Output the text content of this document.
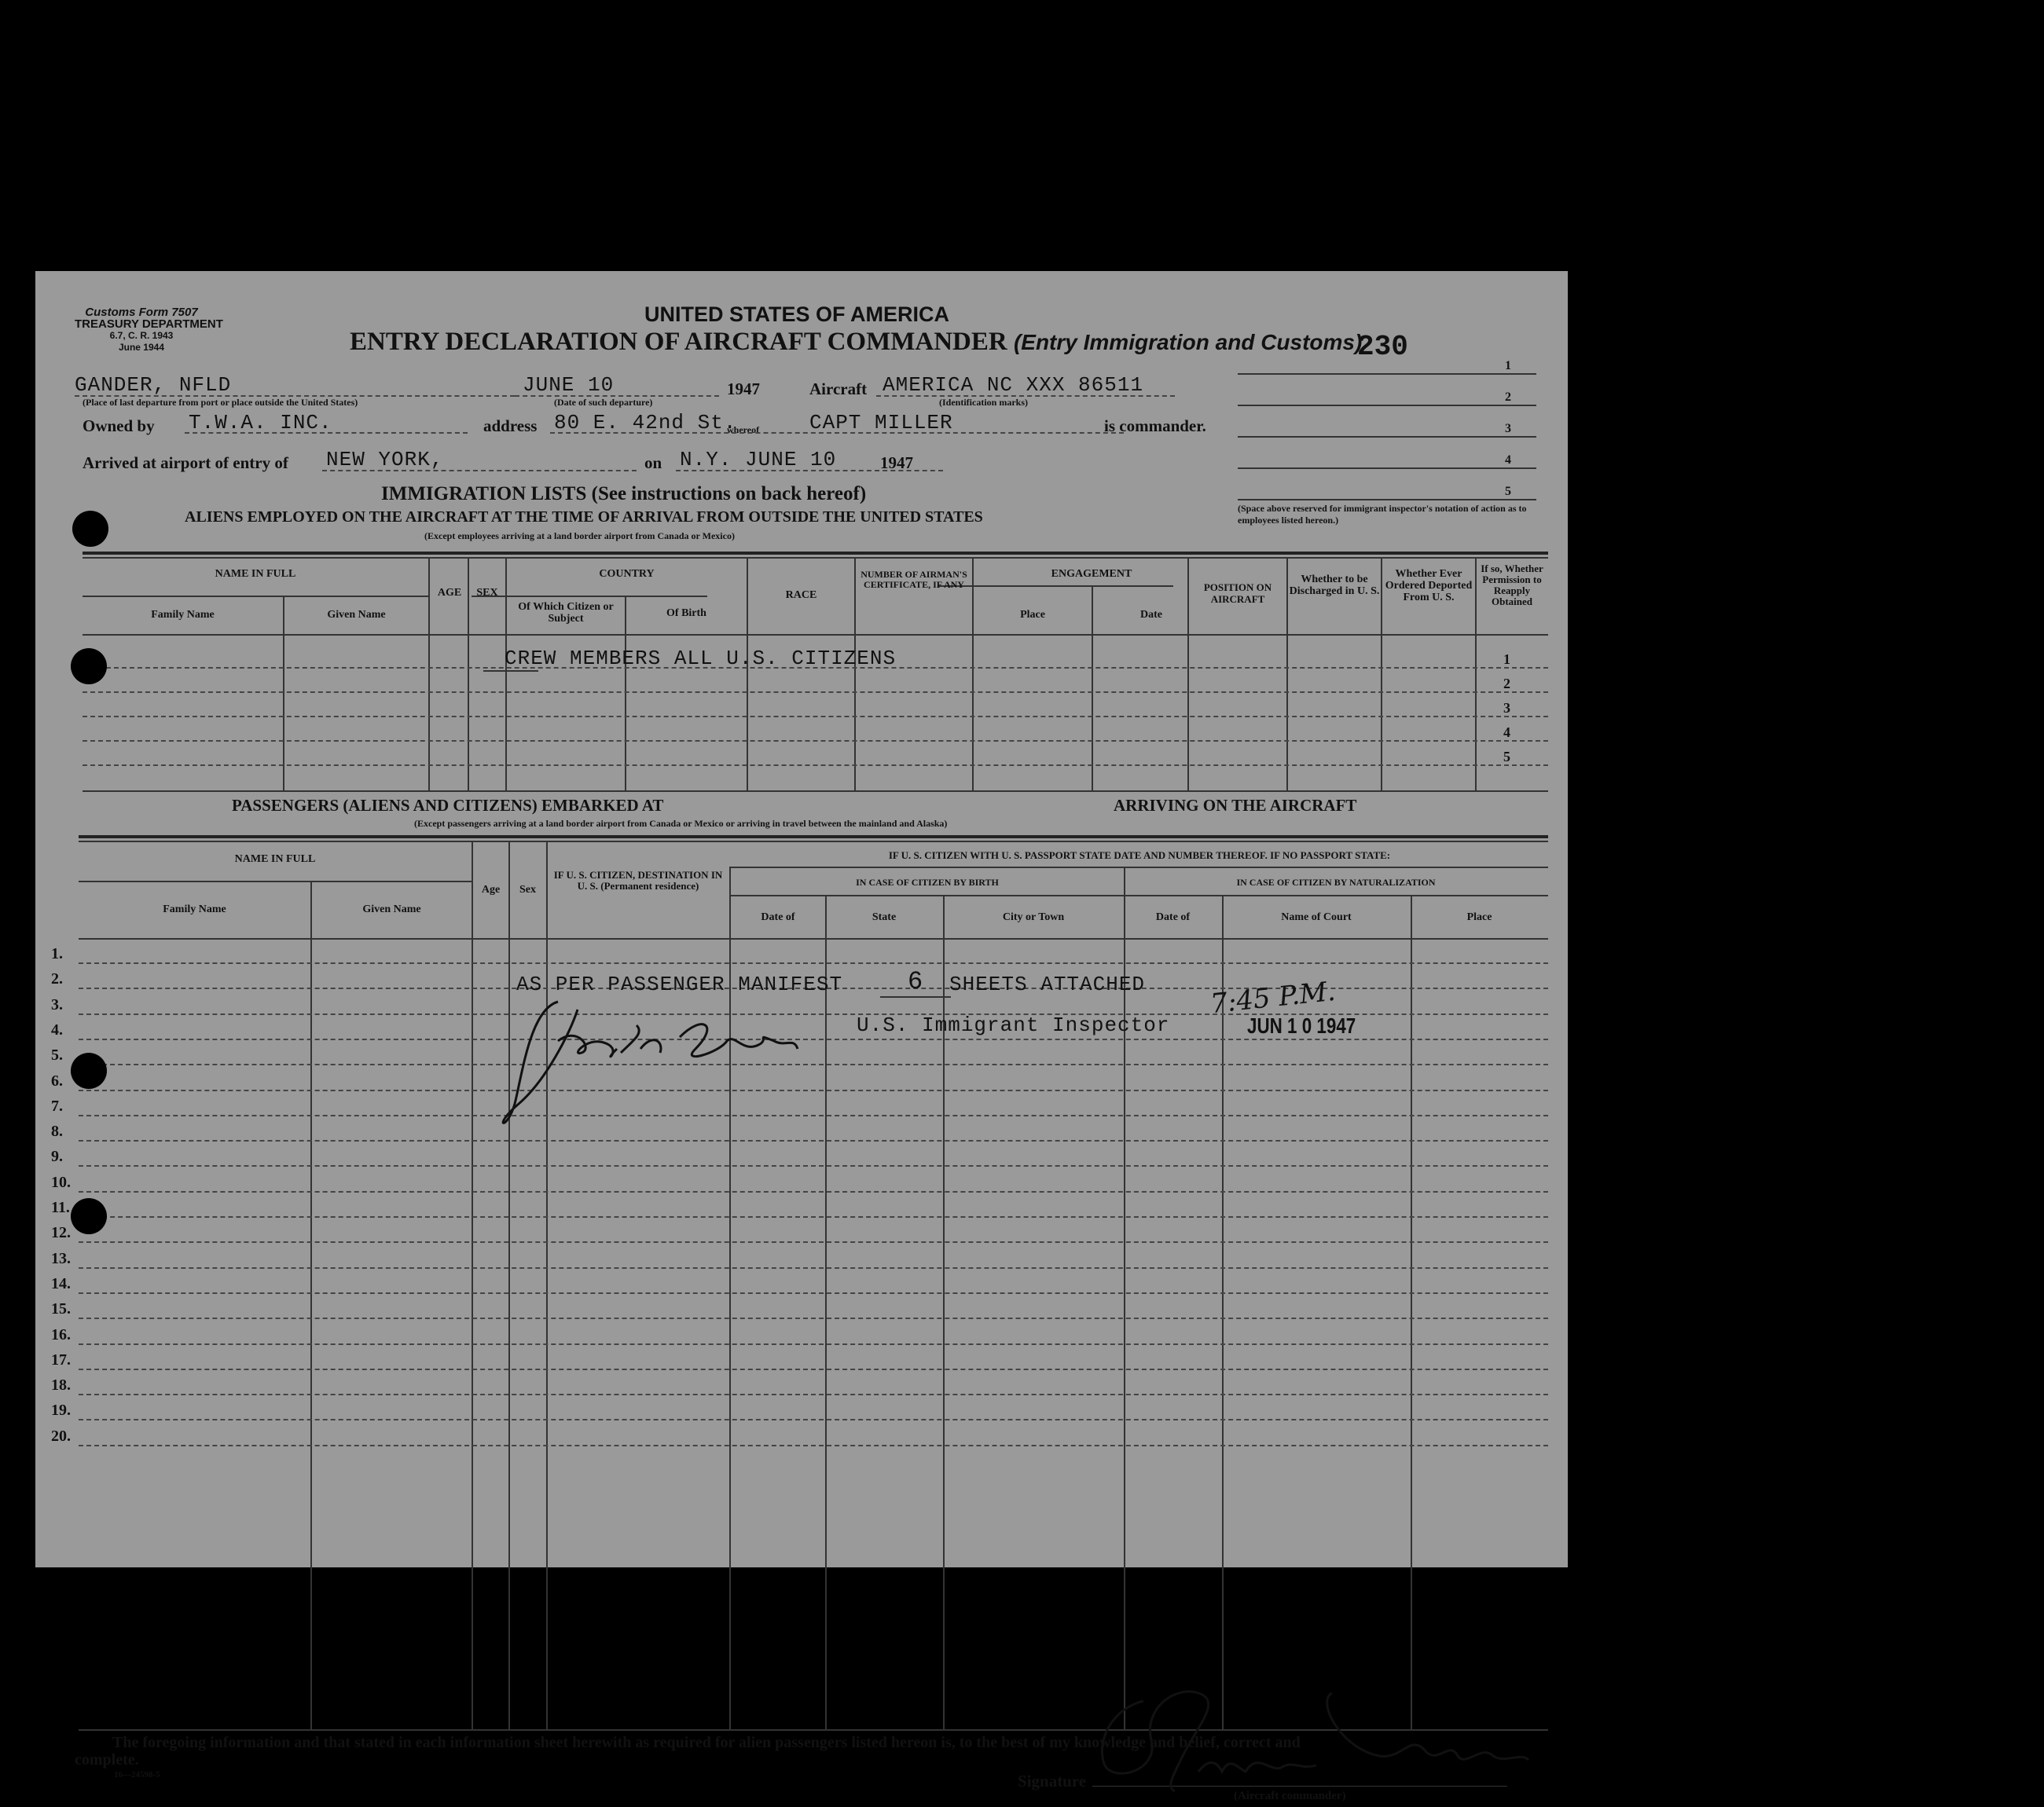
Customs Form 7507
TREASURY DEPARTMENT
6.7, C. R. 1943
June 1944
UNITED STATES OF AMERICA
ENTRY DECLARATION OF AIRCRAFT COMMANDER (Entry Immigration and Customs)
230
1
2
3
4
5
(Space above reserved for immigrant inspector's notation of action as to employees listed hereon.)
GANDER, NFLD
(Place of last departure from port or place outside the United States)
JUNE 10	1947
(Date of such departure)
Aircraft AMERICA NC XXX 86511
(Identification marks)
Owned by T.W.A. INC.	address 80 E. 42nd St.
whereof CAPT MILLER	is commander.
Arrived at airport of entry of NEW YORK,	on N.Y. JUNE 10	1947
IMMIGRATION LISTS (See instructions on back hereof)
ALIENS EMPLOYED ON THE AIRCRAFT AT THE TIME OF ARRIVAL FROM OUTSIDE THE UNITED STATES
(Except employees arriving at a land border airport from Canada or Mexico)
NAME IN FULL
Family Name	Given Name
AGE	SEX
COUNTRY
Of Which Citizen or Subject	Of Birth
RACE
NUMBER OF AIRMAN'S CERTIFICATE, IF ANY
ENGAGEMENT
Place	Date
POSITION ON AIRCRAFT
Whether to be Discharged in U. S.
Whether Ever Ordered Deported From U. S.
If so, Whether Permission to Reapply Obtained
1
2
3
4
5
CREW MEMBERS ALL U.S. CITIZENS
PASSENGERS (ALIENS AND CITIZENS) EMBARKED AT	ARRIVING ON THE AIRCRAFT
(Except passengers arriving at a land border airport from Canada or Mexico or arriving in travel between the mainland and Alaska)
NAME IN FULL
Family Name	Given Name
Age	Sex
IF U. S. CITIZEN, DESTINATION IN U. S. (Permanent residence)
IF U. S. CITIZEN WITH U. S. PASSPORT STATE DATE AND NUMBER THEREOF. IF NO PASSPORT STATE:
IN CASE OF CITIZEN BY BIRTH	IN CASE OF CITIZEN BY NATURALIZATION
Date of	State	City or Town	Date of	Name of Court	Place
1.
2.
3.
4.
5.
6.
7.
8.
9.
10.
11.
12.
13.
14.
15.
16.
17.
18.
19.
20.
AS PER PASSENGER MANIFEST	6 SHEETS ATTACHED
U.S. Immigrant Inspector
7:45 P.M.
JUN 1 0 1947
The foregoing information and that stated in each information sheet herewith as required for alien passengers listed hereon is, to the best of my knowledge and belief, correct and
complete.
16—24598-5	Signature
(Aircraft commander)
